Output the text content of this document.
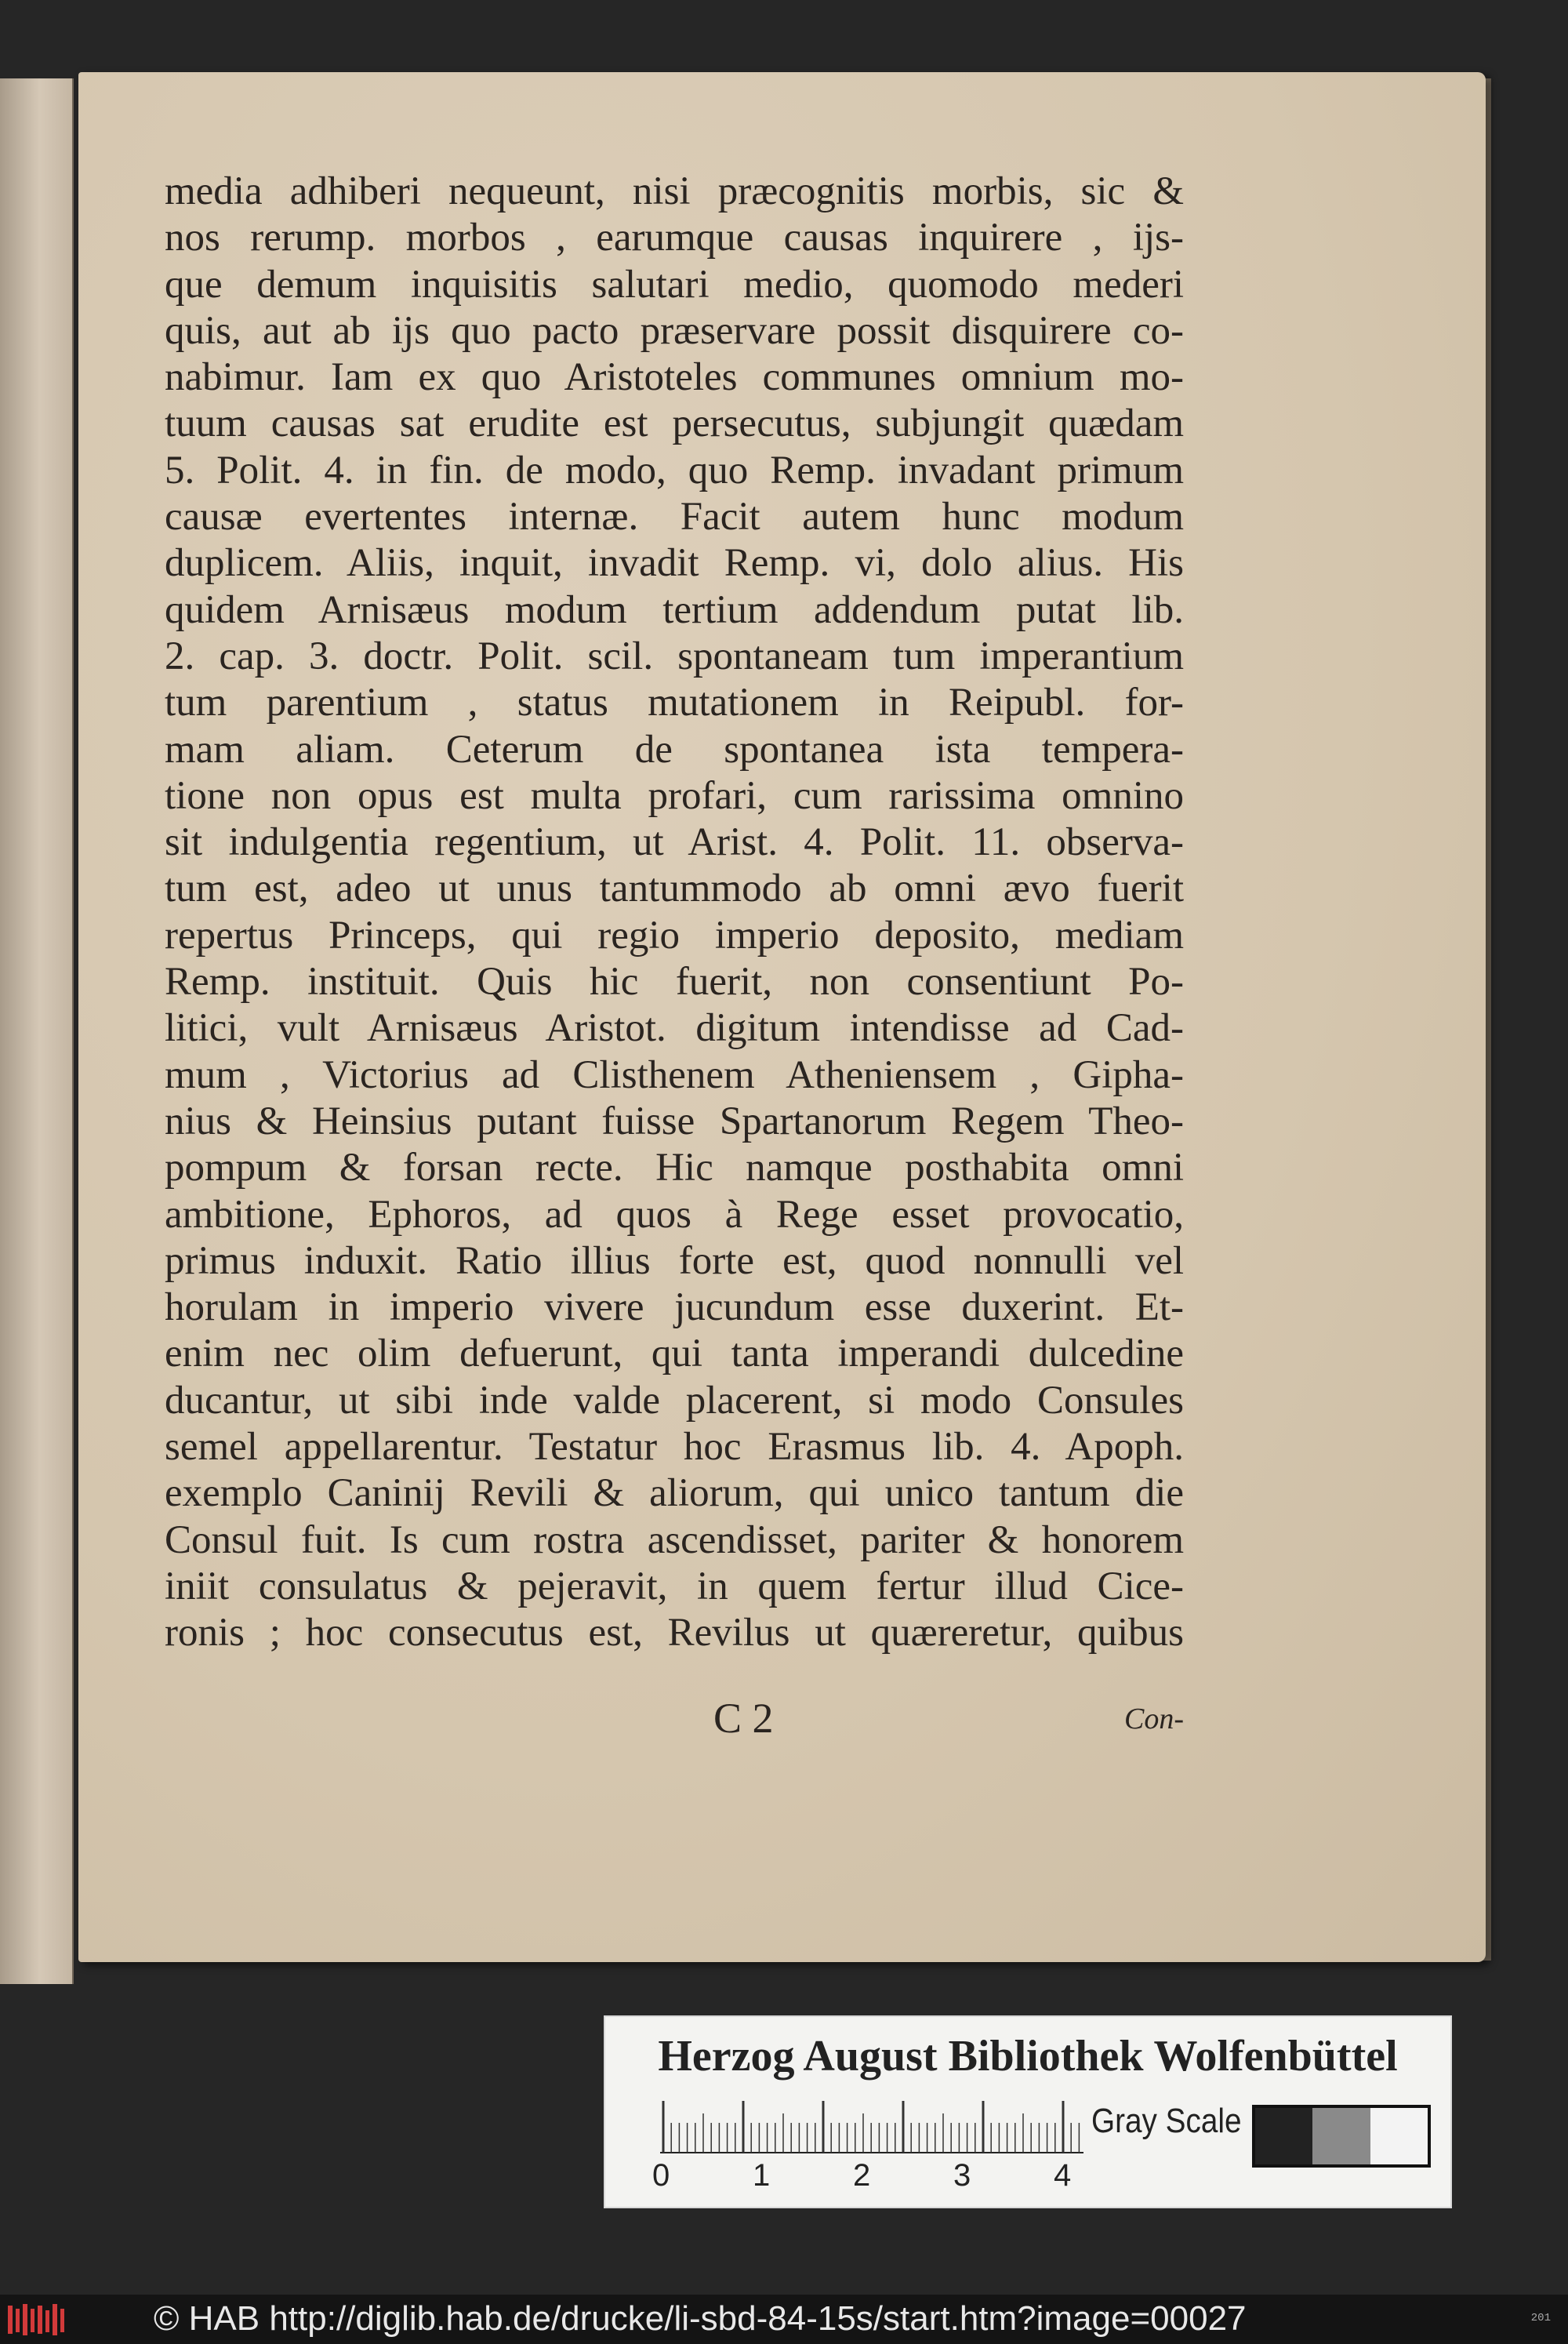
media adhiberi nequeunt, nisi præcognitis morbis, sic &
nos rerump. morbos , earumque causas inquirere , ijs-
que demum inquisitis salutari medio, quomodo mederi
quis, aut ab ijs quo pacto præservare possit disquirere co-
nabimur. Iam ex quo Aristoteles communes omnium mo-
tuum causas sat erudite est persecutus, subjungit quædam
5. Polit. 4. in fin. de modo, quo Remp. invadant primum
causæ evertentes internæ. Facit autem hunc modum
duplicem. Aliis, inquit, invadit Remp. vi, dolo alius. His
quidem Arnisæus modum tertium addendum putat lib.
2. cap. 3. doctr. Polit. scil. spontaneam tum imperantium
tum parentium , status mutationem in Reipubl. for-
mam aliam. Ceterum de spontanea ista tempera-
tione non opus est multa profari, cum rarissima omnino
sit indulgentia regentium, ut Arist. 4. Polit. 11. observa-
tum est, adeo ut unus tantummodo ab omni ævo fuerit
repertus Princeps, qui regio imperio deposito, mediam
Remp. instituit. Quis hic fuerit, non consentiunt Po-
litici, vult Arnisæus Aristot. digitum intendisse ad Cad-
mum , Victorius ad Clisthenem Atheniensem , Gipha-
nius & Heinsius putant fuisse Spartanorum Regem Theo-
pompum & forsan recte. Hic namque posthabita omni
ambitione, Ephoros, ad quos à Rege esset provocatio,
primus induxit. Ratio illius forte est, quod nonnulli vel
horulam in imperio vivere jucundum esse duxerint. Et-
enim nec olim defuerunt, qui tanta imperandi dulcedine
ducantur, ut sibi inde valde placerent, si modo Consules
semel appellarentur. Testatur hoc Erasmus lib. 4. Apoph.
exemplo Caninij Revili & aliorum, qui unico tantum die
Consul fuit. Is cum rostra ascendisset, pariter & honorem
iniit consulatus & pejeravit, in quem fertur illud Cice-
ronis ; hoc consecutus est, Revilus ut quæreretur, quibus
C 2	Con-
Herzog August Bibliothek Wolfenbüttel
0	1	2	3	4
Gray Scale
© HAB http://diglib.hab.de/drucke/li-sbd-84-15s/start.htm?image=00027	201
